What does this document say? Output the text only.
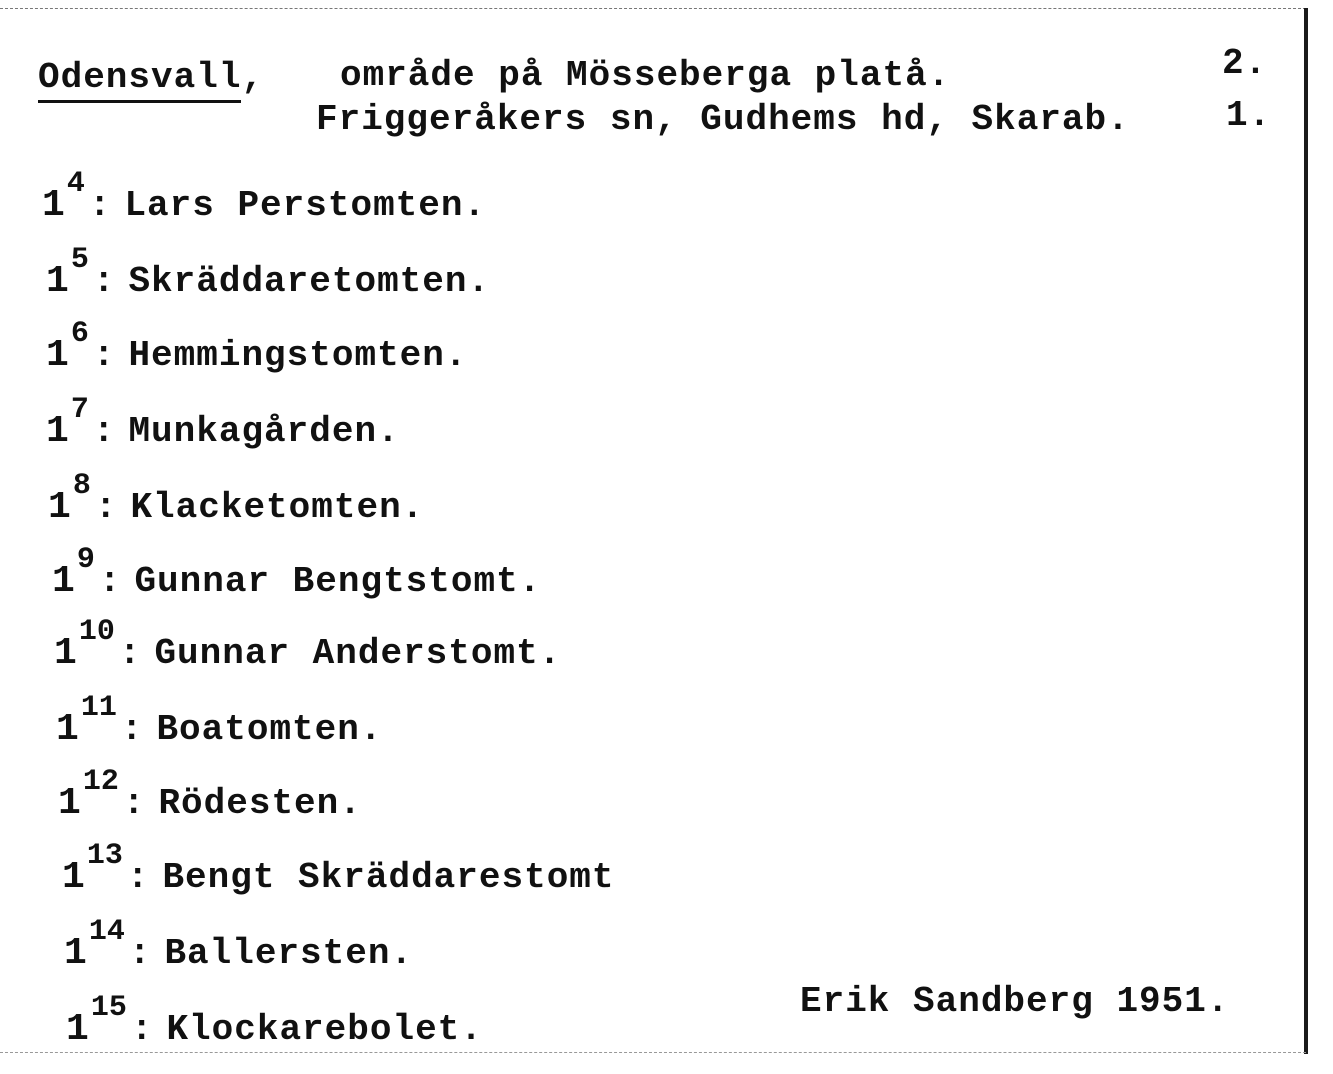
Odensvall, område på Mösseberga platå.	2.
Friggeråkers sn, Gudhems hd, Skarab.	1.
14: Lars Perstomten.
15: Skräddaretomten.
16: Hemmingstomten.
17: Munkagården.
18: Klacketomten.
19: Gunnar Bengtstomt.
110: Gunnar Anderstomt.
111: Boatomten.
112: Rödesten.
113: Bengt Skräddarestomt
114: Ballersten.
115: Klockarebolet.
Erik Sandberg 1951.
